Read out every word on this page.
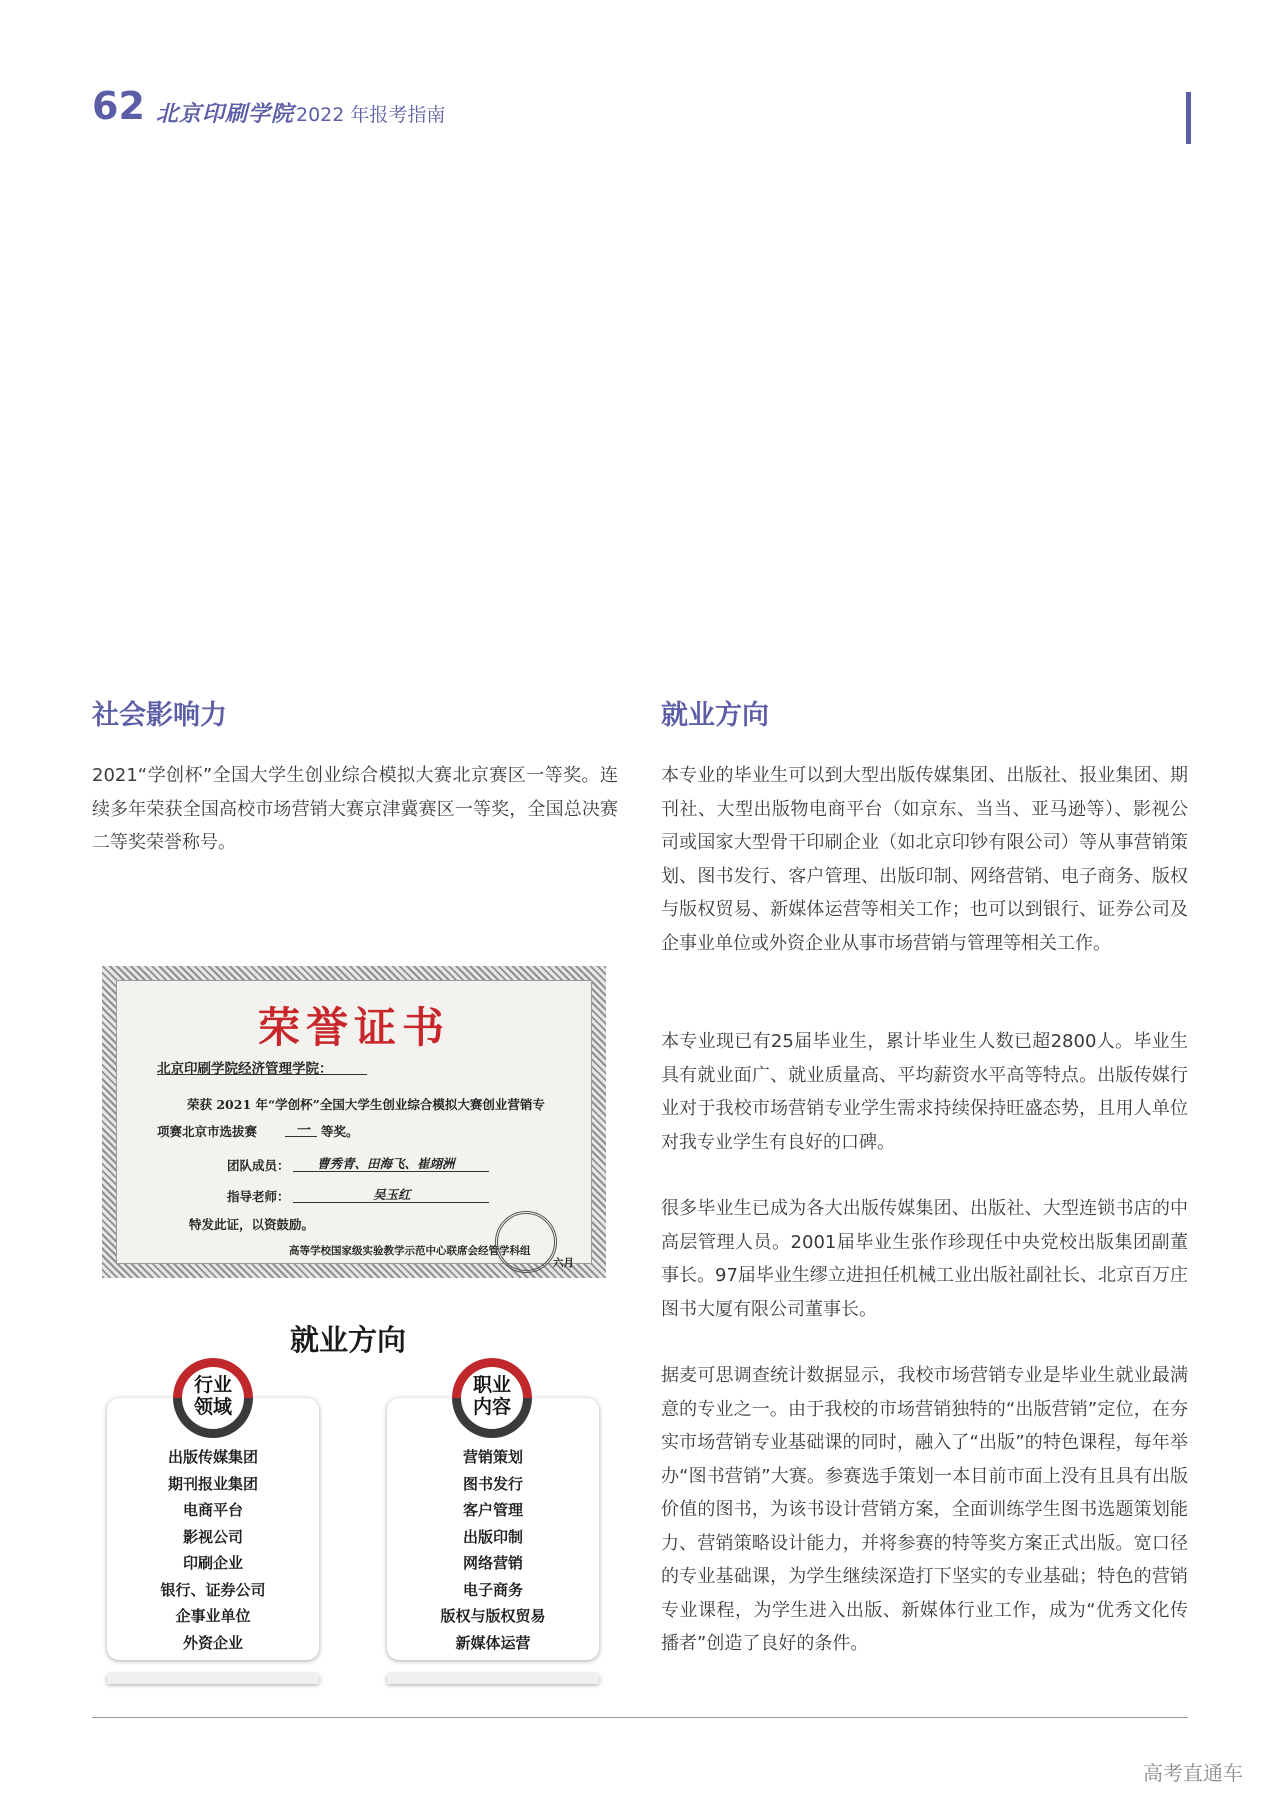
62 北京印刷学院 2022 年报考指南
社会影响力
2021“学创杯”全国大学生创业综合模拟大赛北京赛区一等奖。连续多年荣获全国高校市场营销大赛京津冀赛区一等奖，全国总决赛二等奖荣誉称号。
荣誉证书
北京印刷学院经济管理学院：
荣获 2021 年“学创杯”全国大学生创业综合模拟大赛创业营销专
项赛北京市选拔赛	一 等奖。
团队成员： 曹秀青、田海飞、崔翊洲
指导老师：	吴玉红
特发此证，以资鼓励。
高等学校国家级实验教学示范中心联席会经管学科组
六月
就业方向
行业
领域
出版传媒集团
期刊报业集团
电商平台
影视公司
印刷企业
银行、证券公司
企事业单位
外资企业
职业
内容
营销策划
图书发行
客户管理
出版印制
网络营销
电子商务
版权与版权贸易
新媒体运营
就业方向
本专业的毕业生可以到大型出版传媒集团、出版社、报业集团、期刊社、大型出版物电商平台（如京东、当当、亚马逊等）、影视公司或国家大型骨干印刷企业（如北京印钞有限公司）等从事营销策划、图书发行、客户管理、出版印制、网络营销、电子商务、版权与版权贸易、新媒体运营等相关工作；也可以到银行、证券公司及企事业单位或外资企业从事市场营销与管理等相关工作。
本专业现已有25届毕业生，累计毕业生人数已超2800人。毕业生具有就业面广、就业质量高、平均薪资水平高等特点。出版传媒行业对于我校市场营销专业学生需求持续保持旺盛态势，且用人单位对我专业学生有良好的口碑。
很多毕业生已成为各大出版传媒集团、出版社、大型连锁书店的中高层管理人员。2001届毕业生张作珍现任中央党校出版集团副董事长。97届毕业生缪立进担任机械工业出版社副社长、北京百万庄图书大厦有限公司董事长。
据麦可思调查统计数据显示，我校市场营销专业是毕业生就业最满意的专业之一。由于我校的市场营销独特的“出版营销”定位，在夯实市场营销专业基础课的同时，融入了“出版”的特色课程，每年举办“图书营销”大赛。参赛选手策划一本目前市面上没有且具有出版价值的图书，为该书设计营销方案，全面训练学生图书选题策划能力、营销策略设计能力，并将参赛的特等奖方案正式出版。宽口径的专业基础课，为学生继续深造打下坚实的专业基础；特色的营销专业课程，为学生进入出版、新媒体行业工作，成为“优秀文化传播者”创造了良好的条件。
高考直通车
